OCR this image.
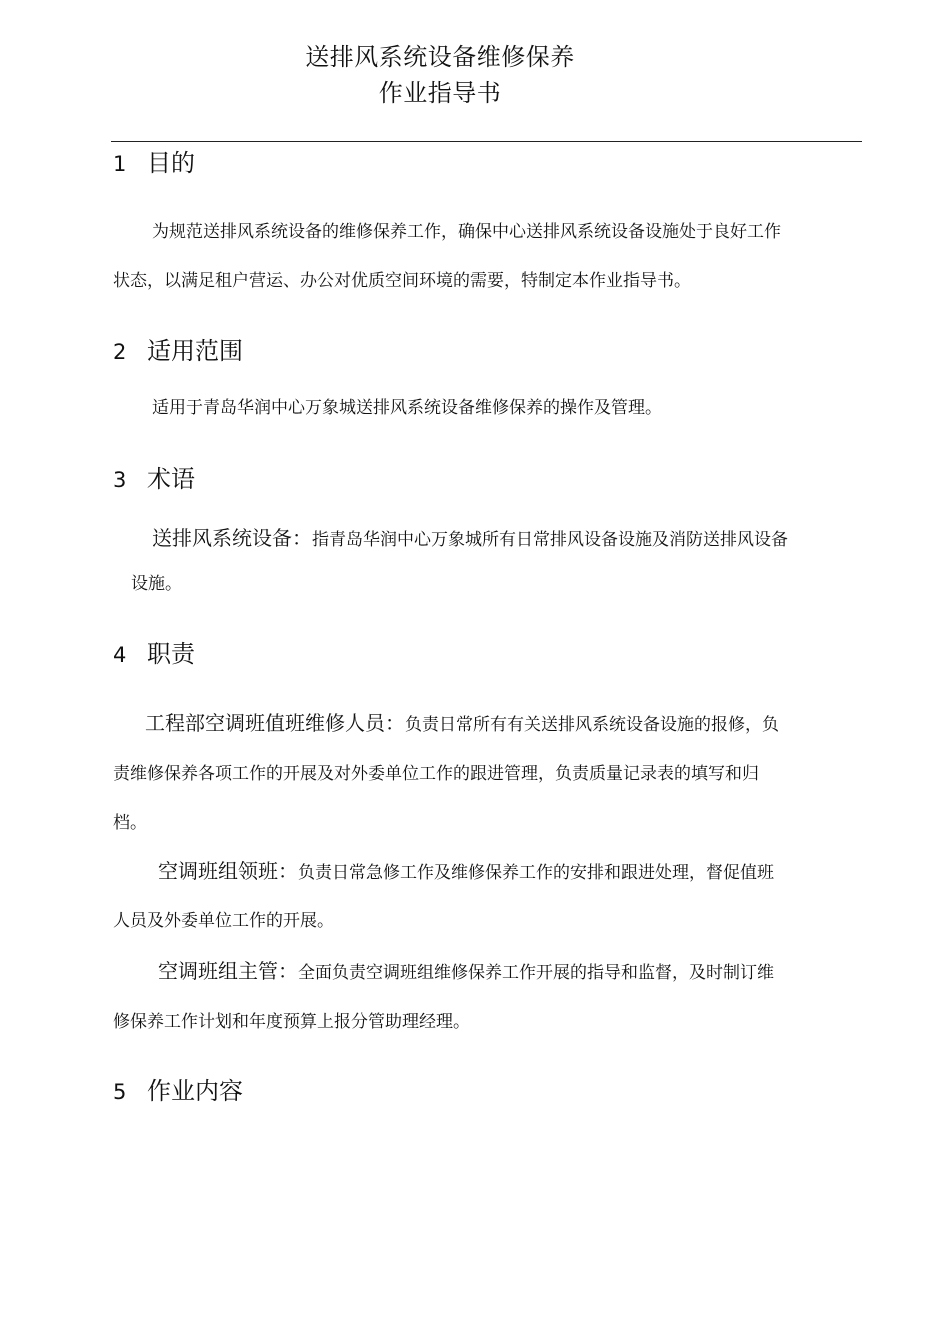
送排风系统设备维修保养
作业指导书
1 目的
为规范送排风系统设备的维修保养工作，确保中心送排风系统设备设施处于良好工作
状态，以满足租户营运、办公对优质空间环境的需要，特制定本作业指导书。
2 适用范围
适用于青岛华润中心万象城送排风系统设备维修保养的操作及管理。
3 术语
送排风系统设备：指青岛华润中心万象城所有日常排风设备设施及消防送排风设备
设施。
4 职责
工程部空调班值班维修人员：负责日常所有有关送排风系统设备设施的报修，负
责维修保养各项工作的开展及对外委单位工作的跟进管理，负责质量记录表的填写和归
档。
空调班组领班：负责日常急修工作及维修保养工作的安排和跟进处理，督促值班
人员及外委单位工作的开展。
空调班组主管：全面负责空调班组维修保养工作开展的指导和监督，及时制订维
修保养工作计划和年度预算上报分管助理经理。
5 作业内容
